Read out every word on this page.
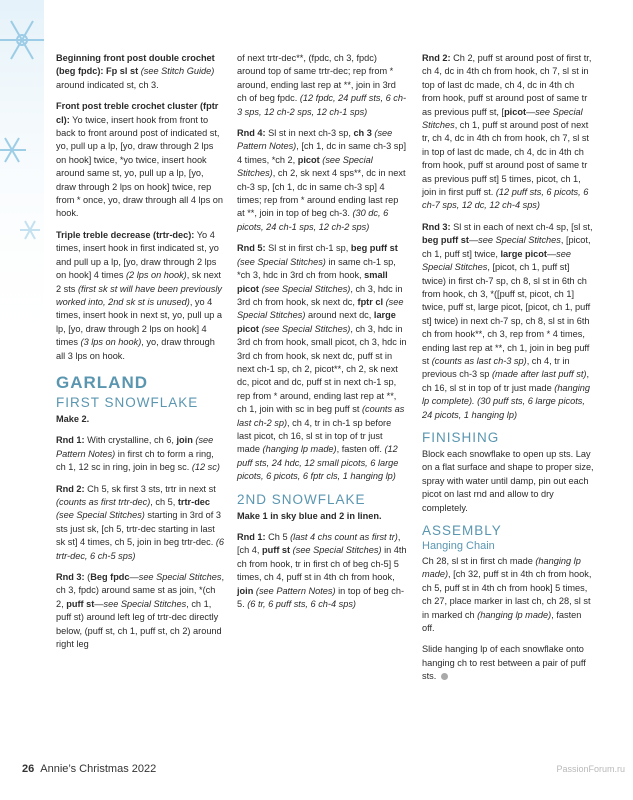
Beginning front post double crochet (beg fpdc): Fp sl st (see Stitch Guide) around indicated st, ch 3.

Front post treble crochet cluster (fptr cl): Yo twice, insert hook from front to back to front around post of indicated st, yo, pull up a lp, [yo, draw through 2 lps on hook] twice, *yo twice, insert hook around same st, yo, pull up a lp, [yo, draw through 2 lps on hook] twice, rep from * once, yo, draw through all 4 lps on hook.

Triple treble decrease (trtr-dec): Yo 4 times, insert hook in first indicated st, yo and pull up a lp, [yo, draw through 2 lps on hook] 4 times (2 lps on hook), sk next 2 sts (first sk st will have been previously worked into, 2nd sk st is unused), yo 4 times, insert hook in next st, yo, pull up a lp, [yo, draw through 2 lps on hook] 4 times (3 lps on hook), yo, draw through all 3 lps on hook.

GARLAND
FIRST SNOWFLAKE

Make 2.

Rnd 1: With crystalline, ch 6, join (see Pattern Notes) in first ch to form a ring, ch 1, 12 sc in ring, join in beg sc. (12 sc)

Rnd 2: Ch 5, sk first 3 sts, trtr in next st (counts as first trtr-dec), ch 5, trtr-dec (see Special Stitches) starting in 3rd of 3 sts just sk, [ch 5, trtr-dec starting in last sk st] 4 times, ch 5, join in beg trtr-dec. (6 trtr-dec, 6 ch-5 sps)

Rnd 3: (Beg fpdc—see Special Stitches, ch 3, fpdc) around same st as join, *(ch 2, puff st—see Special Stitches, ch 1, puff st) around left leg of trtr-dec directly below, (puff st, ch 1, puff st, ch 2) around right leg

of next trtr-dec**, (fpdc, ch 3, fpdc) around top of same trtr-dec; rep from * around, ending last rep at **, join in 3rd ch of beg fpdc. (12 fpdc, 24 puff sts, 6 ch-3 sps, 12 ch-2 sps, 12 ch-1 sps)

Rnd 4: Sl st in next ch-3 sp, ch 3 (see Pattern Notes), [ch 1, dc in same ch-3 sp] 4 times, *ch 2, picot (see Special Stitches), ch 2, sk next 4 sps**, dc in next ch-3 sp, [ch 1, dc in same ch-3 sp] 4 times; rep from * around ending last rep at **, join in top of beg ch-3. (30 dc, 6 picots, 24 ch-1 sps, 12 ch-2 sps)

Rnd 5: Sl st in first ch-1 sp, beg puff st (see Special Stitches) in same ch-1 sp, *ch 3, hdc in 3rd ch from hook, small picot (see Special Stitches), ch 3, hdc in 3rd ch from hook, sk next dc, fptr cl (see Special Stitches) around next dc, large picot (see Special Stitches), ch 3, hdc in 3rd ch from hook, small picot, ch 3, hdc in 3rd ch from hook, sk next dc, puff st in next ch-1 sp, ch 2, picot**, ch 2, sk next dc, picot and dc, puff st in next ch-1 sp, rep from * around, ending last rep at **, ch 1, join with sc in beg puff st (counts as last ch-2 sp), ch 4, tr in ch-1 sp before last picot, ch 16, sl st in top of tr just made (hanging lp made), fasten off. (12 puff sts, 24 hdc, 12 small picots, 6 large picots, 6 picots, 6 fptr cls, 1 hanging lp)

2ND SNOWFLAKE

Make 1 in sky blue and 2 in linen.

Rnd 1: Ch 5 (last 4 chs count as first tr), [ch 4, puff st (see Special Stitches) in 4th ch from hook, tr in first ch of beg ch-5] 5 times, ch 4, puff st in 4th ch from hook, join (see Pattern Notes) in top of beg ch-5. (6 tr, 6 puff sts, 6 ch-4 sps)

Rnd 2: Ch 2, puff st around post of first tr, ch 4, dc in 4th ch from hook, ch 7, sl st in top of last dc made, ch 4, dc in 4th ch from hook, puff st around post of same tr as previous puff st, [picot—see Special Stitches, ch 1, puff st around post of next tr, ch 4, dc in 4th ch from hook, ch 7, sl st in top of last dc made, ch 4, dc in 4th ch from hook, puff st around post of same tr as previous puff st] 5 times, picot, ch 1, join in first puff st. (12 puff sts, 6 picots, 6 ch-7 sps, 12 dc, 12 ch-4 sps)

Rnd 3: Sl st in each of next ch-4 sp, [sl st, beg puff st—see Special Stitches, [picot, ch 1, puff st] twice, large picot—see Special Stitches, [picot, ch 1, puff st] twice) in first ch-7 sp, ch 8, sl st in 6th ch from hook, ch 3, *([puff st, picot, ch 1] twice, puff st, large picot, [picot, ch 1, puff st] twice) in next ch-7 sp, ch 8, sl st in 6th ch from hook**, ch 3, rep from * 4 times, ending last rep at **, ch 1, join in beg puff st (counts as last ch-3 sp), ch 4, tr in previous ch-3 sp (made after last puff st), ch 16, sl st in top of tr just made (hanging lp complete). (30 puff sts, 6 large picots, 24 picots, 1 hanging lp)

FINISHING

Block each snowflake to open up sts. Lay on a flat surface and shape to proper size, spray with water until damp, pin out each picot on last rnd and allow to dry completely.

ASSEMBLY
Hanging Chain

Ch 28, sl st in first ch made (hanging lp made), [ch 32, puff st in 4th ch from hook, ch 5, puff st in 4th ch from hook] 5 times, ch 27, place marker in last ch, ch 28, sl st in marked ch (hanging lp made), fasten off.

Slide hanging lp of each snowflake onto hanging ch to rest between a pair of puff sts.

26 Annie’s Christmas 2022	PassionForum.ru
